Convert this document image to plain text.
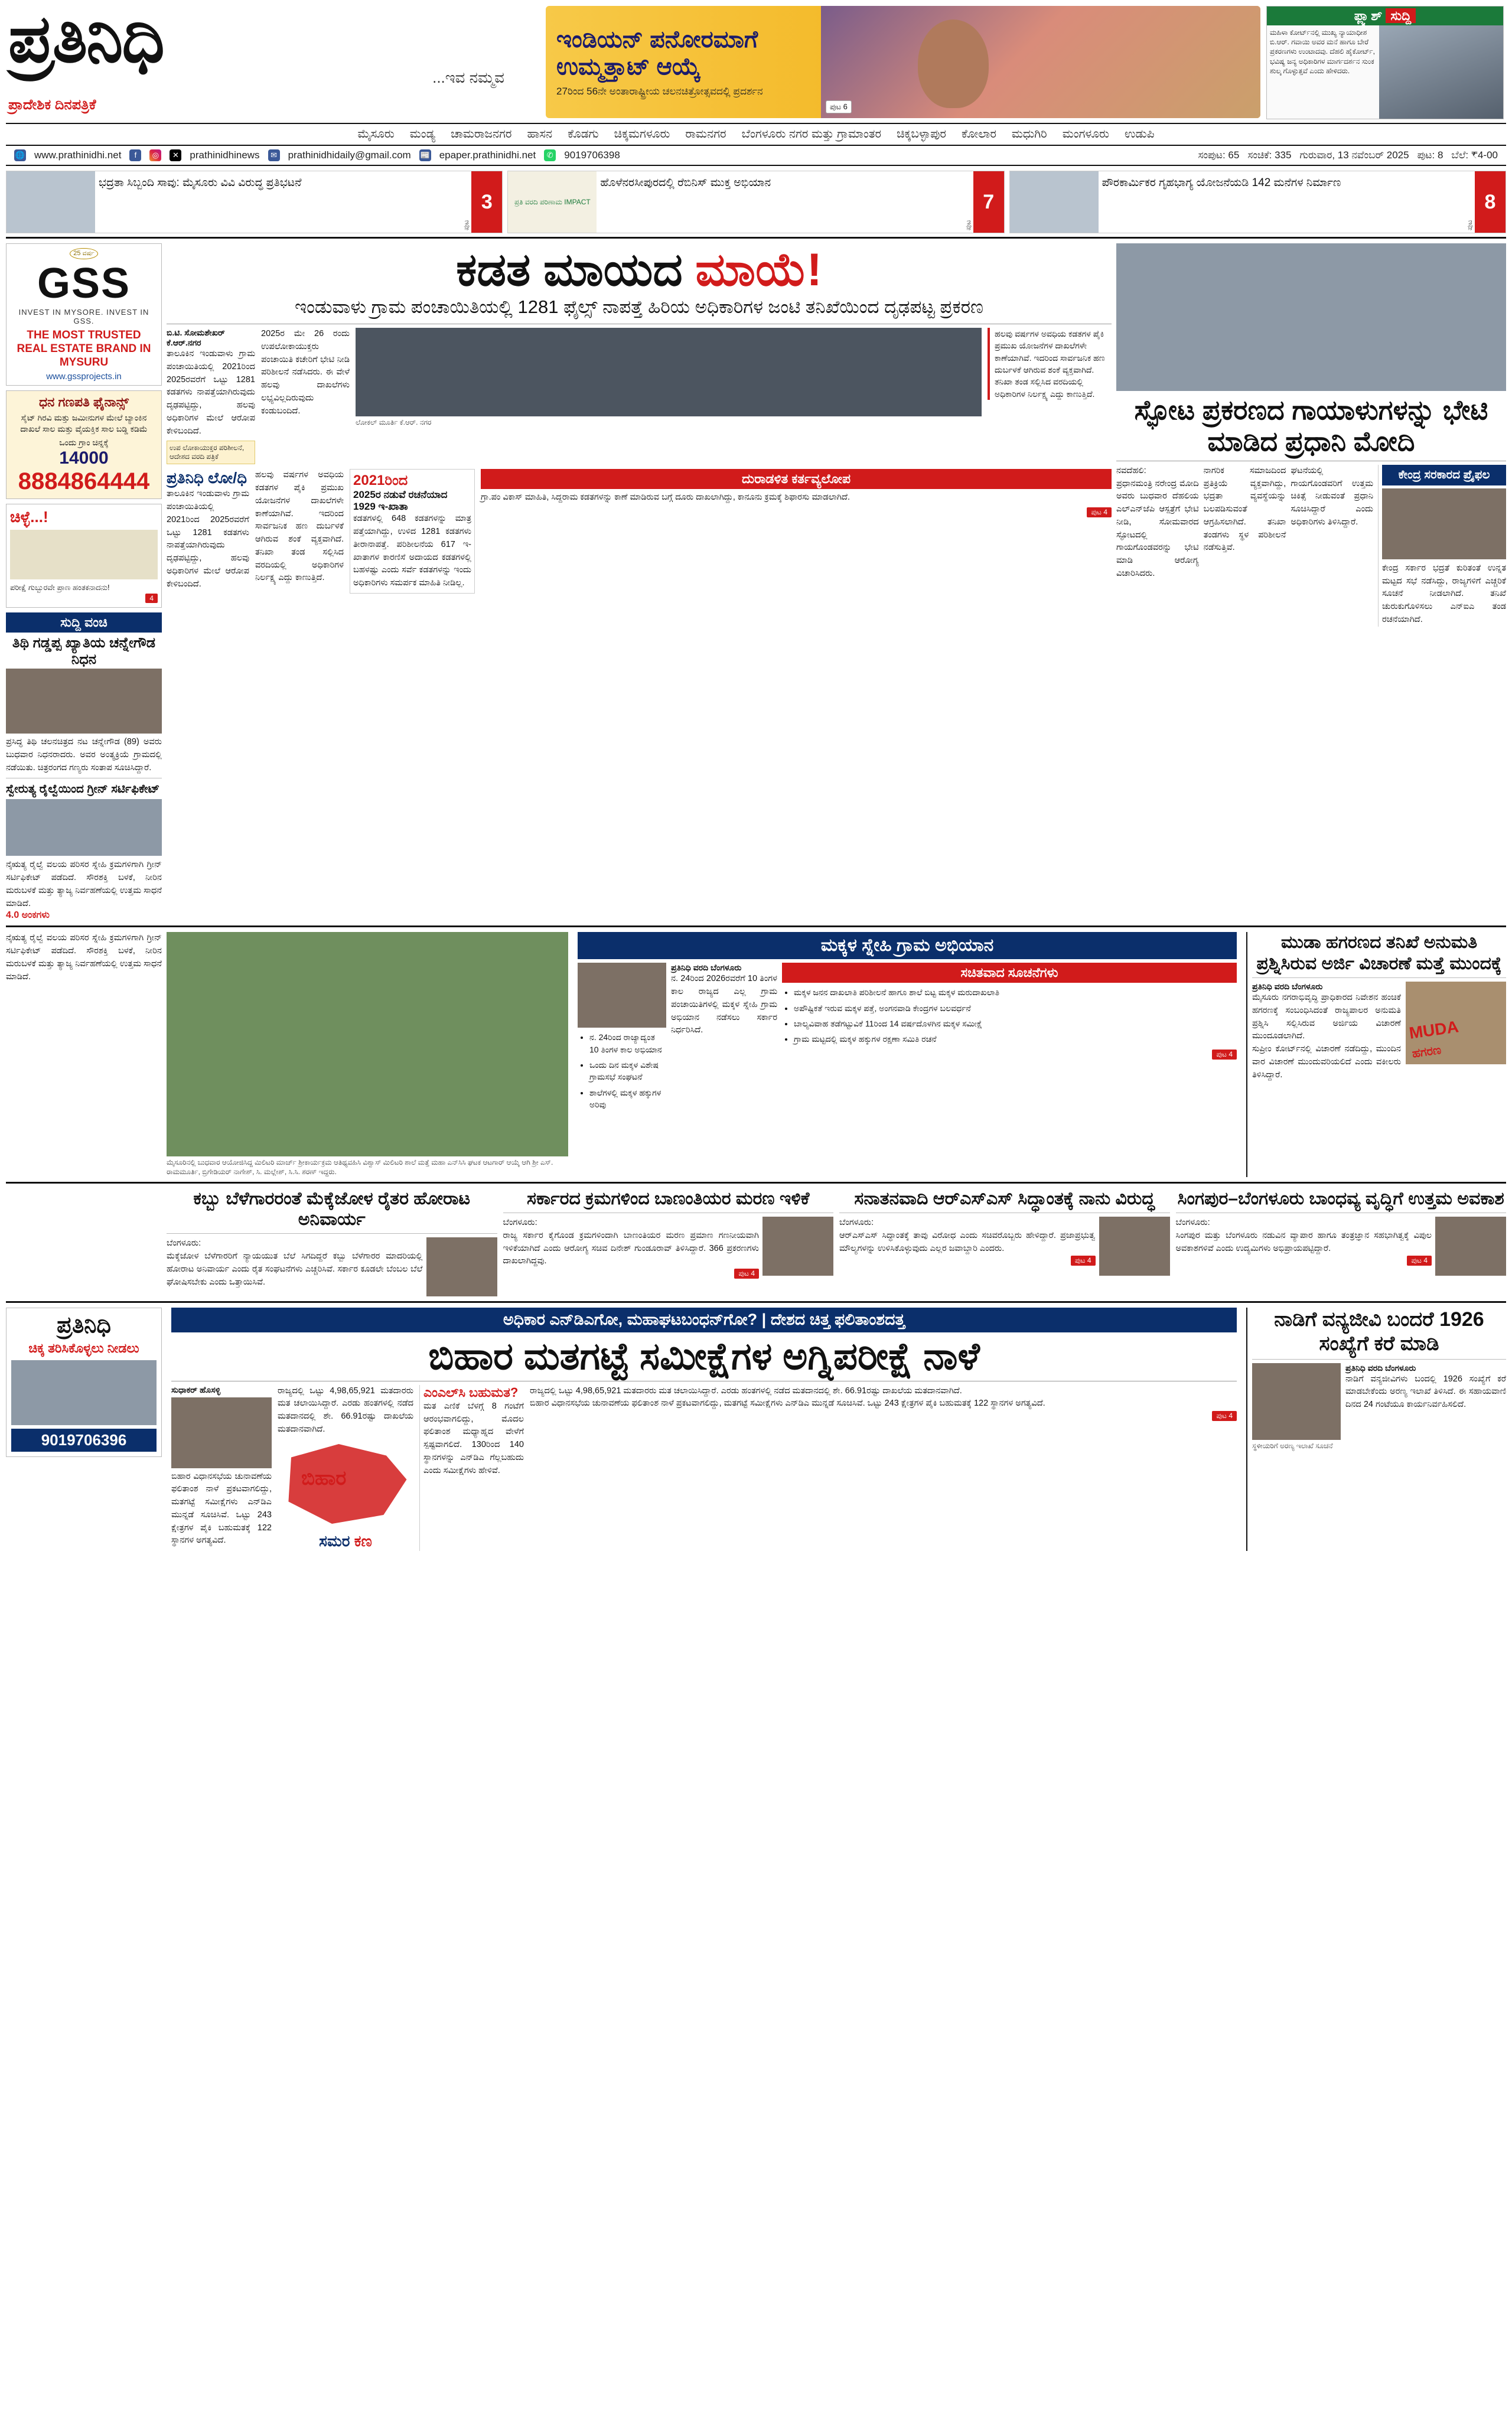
ಪ್ರತಿನಿಧಿ
...ಇವ ನಮ್ಮವ
ಪ್ರಾದೇಶಿಕ ದಿನಪತ್ರಿಕೆ
ಇಂಡಿಯನ್ ಪನೋರಮಾಗೆ ಉಮ್ಮತ್ತಾಟ್ ಆಯ್ಕೆ
27ರಿಂದ 56ನೇ ಅಂತಾರಾಷ್ಟ್ರೀಯ ಚಲನಚಿತ್ರೋತ್ಸವದಲ್ಲಿ ಪ್ರದರ್ಶನ
ಪುಟ 6
ಫ್ಲ್ಯಾಶ್ ಸುದ್ದಿ
ಮಹಿಳಾ ಕೋರ್ಟ್‌ನಲ್ಲಿ ಮುಖ್ಯ ನ್ಯಾಯಾಧೀಶ ಬಿ.ಆರ್. ಗವಾಯಿ ಅವರ ಮನೆ ಹಾಗೂ ಬೇರೆ ಪ್ರಕರಣಗಳು ಉಂಟಾದವು. ದೆಹಲಿ ಹೈಕೋರ್ಟ್, ಭವಿಷ್ಯ ಜನ್ಯ ಅಧಿಕಾರಿಗಳ ಮಾರ್ಗದರ್ಶನ ಸುಂಕ ಶುಲ್ಕ ಗೊಳ್ಳುತ್ತವೆ ಎಂದು ಹೇಳಿದರು.
ಮೈಸೂರು ಮಂಡ್ಯ ಚಾಮರಾಜನಗರ ಹಾಸನ ಕೊಡಗು ಚಿಕ್ಕಮಗಳೂರು ರಾಮನಗರ ಬೆಂಗಳೂರು ನಗರ ಮತ್ತು ಗ್ರಾಮಾಂತರ ಚಿಕ್ಕಬಳ್ಳಾಪುರ ಕೋಲಾರ ಮಧುಗಿರಿ ಮಂಗಳೂರು ಉಡುಪಿ
🌐 www.prathinidhi.net	f	◎	✕ prathinidhinews	✉ prathinidhidaily@gmail.com 📰 epaper.prathinidhi.net	✆ 9019706398	ಸಂಪುಟ: 65 ಸಂಚಿಕೆ: 335 ಗುರುವಾರ, 13 ನವೆಂಬರ್ 2025 ಪುಟ: 8 ಬೆಲೆ: ₹4-00
ಭದ್ರತಾ ಸಿಬ್ಬಂದಿ ಸಾವು: ಮೈಸೂರು ವಿವಿ ವಿರುದ್ಧ ಪ್ರತಿಭಟನೆ
ಪುಟ
3	ಪ್ರತಿ ವರದಿ ಪರಿಣಾಮ IMPACT
ಹೊಳೆನರಸೀಪುರದಲ್ಲಿ ರೆಬಿನಿಸ್ ಮುಕ್ತ ಅಭಿಯಾನ
ಪುಟ
7
ಪೌರಕಾರ್ಮಿಕರ ಗೃಹಭಾಗ್ಯ ಯೋಜನೆಯಡಿ 142 ಮನೆಗಳ ನಿರ್ಮಾಣ
ಪುಟ
8
25 ವರ್ಷ
GSS
INVEST IN MYSORE. INVEST IN GSS.
THE MOST TRUSTED REAL ESTATE BRAND IN MYSURU
www.gssprojects.in
ಧನ ಗಣಪತಿ ಫೈನಾನ್ಸ್
ಸೈಟ್ ಗಿರವಿ ಮತ್ತು ಜಮೀನುಗಳ ಮೇಲೆ ಬ್ಯಾಂಕಿನ ದಾಖಲೆ ಸಾಲ ಮತ್ತು ವೈಯಕ್ತಿಕ ಸಾಲ ಬಡ್ಡಿ ಕಡಿಮೆ
ಒಂದು ಗ್ರಾಂ ಚಿನ್ನಕ್ಕೆ
14000
8884864444
ಚಿಳ್ಳೆ...!
ಪರೀಕ್ಷೆ ಗುಬ್ಬುರವೇ ಪ್ರಾಣ ಹಂತಕನಾದನು!
4
ಸುದ್ದಿ ವಂಚಿ
ತಿಥಿ ಗಡ್ಡಪ್ಪ ಖ್ಯಾತಿಯ ಚನ್ನೇಗೌಡ ನಿಧನ
ಪ್ರಸಿದ್ಧ ತಿಥಿ ಚಲನಚಿತ್ರದ ನಟ ಚನ್ನೇಗೌಡ (89) ಅವರು ಬುಧವಾರ ನಿಧನರಾದರು. ಅವರ ಅಂತ್ಯಕ್ರಿಯೆ ಗ್ರಾಮದಲ್ಲಿ ನಡೆಯಿತು. ಚಿತ್ರರಂಗದ ಗಣ್ಯರು ಸಂತಾಪ ಸೂಚಿಸಿದ್ದಾರೆ.
ಸ್ವೇರುತ್ಯ ರೈಲ್ವೆಯಿಂದ ಗ್ರೀನ್ ಸರ್ಟಿಫಿಕೇಟ್
ನೈಋತ್ಯ ರೈಲ್ವೆ ವಲಯ ಪರಿಸರ ಸ್ನೇಹಿ ಕ್ರಮಗಳಿಗಾಗಿ ಗ್ರೀನ್ ಸರ್ಟಿಫಿಕೇಟ್ ಪಡೆದಿದೆ. ಸೌರಶಕ್ತಿ ಬಳಕೆ, ನೀರಿನ ಮರುಬಳಕೆ ಮತ್ತು ತ್ಯಾಜ್ಯ ನಿರ್ವಹಣೆಯಲ್ಲಿ ಉತ್ತಮ ಸಾಧನೆ ಮಾಡಿದೆ.
4.0 ಅಂಕಗಳು
ಕಡತ ಮಾಯದ ಮಾಯೆ!
ಇಂಡುವಾಳು ಗ್ರಾಮ ಪಂಚಾಯಿತಿಯಲ್ಲಿ 1281 ಫೈಲ್ಸ್ ನಾಪತ್ತೆ ಹಿರಿಯ ಅಧಿಕಾರಿಗಳ ಜಂಟಿ ತನಿಖೆಯಿಂದ ದೃಢಪಟ್ಟ ಪ್ರಕರಣ
ಬಿ.ಟಿ. ಸೋಮಶೇಖರ್ ಕೆ.ಆರ್.ನಗರ
ತಾಲೂಕಿನ ಇಂಡುವಾಳು ಗ್ರಾಮ ಪಂಚಾಯಿತಿಯಲ್ಲಿ 2021ರಿಂದ 2025ರವರೆಗೆ ಒಟ್ಟು 1281 ಕಡತಗಳು ನಾಪತ್ತೆಯಾಗಿರುವುದು ದೃಢಪಟ್ಟಿದ್ದು, ಹಲವು ಅಧಿಕಾರಿಗಳ ಮೇಲೆ ಆರೋಪ ಕೇಳಿಬಂದಿದೆ.
ಉಪ ಲೋಕಾಯುಕ್ತರ ಪರಿಶೀಲನೆ, ಆದೇಶದ ವರದಿ ಪತ್ರಿಕೆ
2025ರ ಮೇ 26 ರಂದು ಉಪಲೋಕಾಯುಕ್ತರು ಪಂಚಾಯಿತಿ ಕಚೇರಿಗೆ ಭೇಟಿ ನೀಡಿ ಪರಿಶೀಲನೆ ನಡೆಸಿದರು. ಈ ವೇಳೆ ಹಲವು ದಾಖಲೆಗಳು ಲಭ್ಯವಿಲ್ಲದಿರುವುದು ಕಂಡುಬಂದಿದೆ.
ಲೋಕಲ್ ಮೂರ್ತಿ ಕೆ.ಆರ್. ನಗರ
ಹಲವು ವರ್ಷಗಳ ಅವಧಿಯ ಕಡತಗಳ ಪೈಕಿ ಪ್ರಮುಖ ಯೋಜನೆಗಳ ದಾಖಲೆಗಳೇ ಕಾಣೆಯಾಗಿವೆ. ಇದರಿಂದ ಸಾರ್ವಜನಿಕ ಹಣ ದುರ್ಬಳಕೆ ಆಗಿರುವ ಶಂಕೆ ವ್ಯಕ್ತವಾಗಿದೆ. ತನಿಖಾ ತಂಡ ಸಲ್ಲಿಸಿದ ವರದಿಯಲ್ಲಿ ಅಧಿಕಾರಿಗಳ ನಿರ್ಲಕ್ಷ್ಯ ಎದ್ದು ಕಾಣುತ್ತಿದೆ.
ಪ್ರತಿನಿಧಿ ಲೋ/ಧಿ
ತಾಲೂಕಿನ ಇಂಡುವಾಳು ಗ್ರಾಮ ಪಂಚಾಯಿತಿಯಲ್ಲಿ 2021ರಿಂದ 2025ರವರೆಗೆ ಒಟ್ಟು 1281 ಕಡತಗಳು ನಾಪತ್ತೆಯಾಗಿರುವುದು ದೃಢಪಟ್ಟಿದ್ದು, ಹಲವು ಅಧಿಕಾರಿಗಳ ಮೇಲೆ ಆರೋಪ ಕೇಳಿಬಂದಿದೆ.
ಹಲವು ವರ್ಷಗಳ ಅವಧಿಯ ಕಡತಗಳ ಪೈಕಿ ಪ್ರಮುಖ ಯೋಜನೆಗಳ ದಾಖಲೆಗಳೇ ಕಾಣೆಯಾಗಿವೆ. ಇದರಿಂದ ಸಾರ್ವಜನಿಕ ಹಣ ದುರ್ಬಳಕೆ ಆಗಿರುವ ಶಂಕೆ ವ್ಯಕ್ತವಾಗಿದೆ. ತನಿಖಾ ತಂಡ ಸಲ್ಲಿಸಿದ ವರದಿಯಲ್ಲಿ ಅಧಿಕಾರಿಗಳ ನಿರ್ಲಕ್ಷ್ಯ ಎದ್ದು ಕಾಣುತ್ತಿದೆ.
2021ರಿಂದ
2025ರ ನಡುವೆ ರಚನೆಯಾದ 1929 ಇ-ಖಾತಾ
ಕಡತಗಳಲ್ಲಿ 648 ಕಡತಗಳನ್ನು ಮಾತ್ರ ಪತ್ತೆಯಾಗಿದ್ದು, ಉಳಿದ 1281 ಕಡತಗಳು ತೀರಾನಾಪತ್ತೆ. ಪರಿಶೀಲನೆಯ 617 ಇ-ಖಾತಾಗಳ ಕಾರಣಿಸೆ ಅದಾಯದ ಕಡತಗಳಲ್ಲಿ ಬಹಳಷ್ಟು ಎಂದು ಸರ್ವೆ ಕಡತಗಳನ್ನು ಇಂದು ಅಧಿಕಾರಿಗಳು ಸಮರ್ಪಕ ಮಾಹಿತಿ ನೀಡಿಲ್ಲ.
ದುರಾಡಳಿತ ಕರ್ತವ್ಯಲೋಪ
ಗ್ರಾ.ಪಂ ವಿಕಾಸ್ ಮಾಹಿತಿ, ಸಿದ್ದರಾಮ ಕಡತಗಳನ್ನು ಕಾಣೆ ಮಾಡಿರುವ ಬಗ್ಗೆ ದೂರು ದಾಖಲಾಗಿದ್ದು, ಕಾನೂನು ಕ್ರಮಕ್ಕೆ ಶಿಫಾರಸು ಮಾಡಲಾಗಿದೆ.
ಪುಟ 4
ಸ್ಫೋಟ ಪ್ರಕರಣದ ಗಾಯಾಳುಗಳನ್ನು ಭೇಟಿ ಮಾಡಿದ ಪ್ರಧಾನಿ ಮೋದಿ
ನವದೆಹಲಿ:
ಪ್ರಧಾನಮಂತ್ರಿ ನರೇಂದ್ರ ಮೋದಿ ಅವರು ಬುಧವಾರ ದೆಹಲಿಯ ಎಲ್‌ಎನ್‌ಜೆಪಿ ಆಸ್ಪತ್ರೆಗೆ ಭೇಟಿ ನೀಡಿ, ಸೋಮವಾರದ ಸ್ಫೋಟದಲ್ಲಿ ಗಾಯಗೊಂಡವರನ್ನು ಭೇಟಿ ಮಾಡಿ ಆರೋಗ್ಯ ವಿಚಾರಿಸಿದರು.
ನಾಗರಿಕ ಸಮಾಜದಿಂದ ಪ್ರತಿಕ್ರಿಯೆ ವ್ಯಕ್ತವಾಗಿದ್ದು, ಭದ್ರತಾ ವ್ಯವಸ್ಥೆಯನ್ನು ಬಲಪಡಿಸುವಂತೆ ಆಗ್ರಹಿಸಲಾಗಿದೆ. ತನಿಖಾ ತಂಡಗಳು ಸ್ಥಳ ಪರಿಶೀಲನೆ ನಡೆಸುತ್ತಿವೆ.
ಘಟನೆಯಲ್ಲಿ ಗಾಯಗೊಂಡವರಿಗೆ ಉತ್ತಮ ಚಿಕಿತ್ಸೆ ನೀಡುವಂತೆ ಪ್ರಧಾನಿ ಸೂಚಿಸಿದ್ದಾರೆ ಎಂದು ಅಧಿಕಾರಿಗಳು ತಿಳಿಸಿದ್ದಾರೆ.
ಕೇಂದ್ರ ಸರಕಾರದ ಪ್ರೈಫಲ
ಕೇಂದ್ರ ಸರ್ಕಾರ ಭದ್ರತೆ ಕುರಿತಂತೆ ಉನ್ನತ ಮಟ್ಟದ ಸಭೆ ನಡೆಸಿದ್ದು, ರಾಜ್ಯಗಳಿಗೆ ಎಚ್ಚರಿಕೆ ಸೂಚನೆ ನೀಡಲಾಗಿದೆ. ತನಿಖೆ ಚುರುಕುಗೊಳಿಸಲು ಎನ್‌ಐಎ ತಂಡ ರಚನೆಯಾಗಿದೆ.
ನೈಋತ್ಯ ರೈಲ್ವೆ ವಲಯ ಪರಿಸರ ಸ್ನೇಹಿ ಕ್ರಮಗಳಿಗಾಗಿ ಗ್ರೀನ್ ಸರ್ಟಿಫಿಕೇಟ್ ಪಡೆದಿದೆ. ಸೌರಶಕ್ತಿ ಬಳಕೆ, ನೀರಿನ ಮರುಬಳಕೆ ಮತ್ತು ತ್ಯಾಜ್ಯ ನಿರ್ವಹಣೆಯಲ್ಲಿ ಉತ್ತಮ ಸಾಧನೆ ಮಾಡಿದೆ.
ಮೈಸೂರಿನಲ್ಲಿ ಬುಧವಾರ ಆಯೋಜಿಸಿದ್ದ ಮಿಲಿಟರಿ ಮಾರ್ಚ್ ಶ್ರೀಕಾರ್ಯಕ್ರಮ ಆತಿಥ್ಯವಹಿಸಿ ವಿಶ್ವಾಸ್ ಮಿಲಿಟರಿ ಶಾಲೆ ಮತ್ತೆ ಮಹಾ ಎನ್‌ಸಿಸಿ ಘಟಕ ಆಟಗಾರ್ ಆಯ್ಕೆ ಆಗಿ ಶ್ರೀ ಎಸ್. ರಾಮಮೂರ್ತಿ, ಬ್ರಿಗೇಡಿಯರ್ ನಾಗೇಶ್, ಸಿ. ಮಲ್ಲೇಶ್, ಸಿ.ಸಿ. ಶರಣ್ ಇದ್ದರು.
ಮಕ್ಕಳ ಸ್ನೇಹಿ ಗ್ರಾಮ ಅಭಿಯಾನ
• ನ. 24ರಿಂದ ರಾಜ್ಯಾದ್ಯಂತ 10 ತಿಂಗಳ ಕಾಲ ಅಭಿಯಾನ
• ಒಂದು ದಿನ ಮಕ್ಕಳ ವಿಶೇಷ ಗ್ರಾಮಸಭೆ ಸಂಘಟನೆ
• ಶಾಲೆಗಳಲ್ಲಿ ಮಕ್ಕಳ ಹಕ್ಕುಗಳ ಅರಿವು
ಪ್ರತಿನಿಧಿ ವರದಿ ಬೆಂಗಳೂರು
ನ. 24ರಿಂದ 2026ರವರೆಗೆ 10 ತಿಂಗಳ ಕಾಲ ರಾಜ್ಯದ ಎಲ್ಲ ಗ್ರಾಮ ಪಂಚಾಯಿತಿಗಳಲ್ಲಿ ಮಕ್ಕಳ ಸ್ನೇಹಿ ಗ್ರಾಮ ಅಭಿಯಾನ ನಡೆಸಲು ಸರ್ಕಾರ ನಿರ್ಧರಿಸಿದೆ.
ಸಚಿತವಾದ ಸೂಚನೆಗಳು
• ಮಕ್ಕಳ ಜನನ ದಾಖಲಾತಿ ಪರಿಶೀಲನೆ ಹಾಗೂ ಶಾಲೆ ಬಿಟ್ಟ ಮಕ್ಕಳ ಮರುದಾಖಲಾತಿ
• ಅಪೌಷ್ಟಿಕತೆ ಇರುವ ಮಕ್ಕಳ ಪತ್ತೆ, ಅಂಗನವಾಡಿ ಕೇಂದ್ರಗಳ ಬಲವರ್ಧನೆ
• ಬಾಲ್ಯವಿವಾಹ ತಡೆಗಟ್ಟುವಿಕೆ 11ರಿಂದ 14 ವರ್ಷದೊಳಗಿನ ಮಕ್ಕಳ ಸಮೀಕ್ಷೆ
• ಗ್ರಾಮ ಮಟ್ಟದಲ್ಲಿ ಮಕ್ಕಳ ಹಕ್ಕುಗಳ ರಕ್ಷಣಾ ಸಮಿತಿ ರಚನೆ
ಪುಟ 4
ಮುಡಾ ಹಗರಣದ ತನಿಖೆ ಅನುಮತಿ ಪ್ರಶ್ನಿಸಿರುವ ಅರ್ಜಿ ವಿಚಾರಣೆ ಮತ್ತೆ ಮುಂದಕ್ಕೆ
ಪ್ರತಿನಿಧಿ ವರದಿ ಬೆಂಗಳೂರು
ಮೈಸೂರು ನಗರಾಭಿವೃದ್ಧಿ ಪ್ರಾಧಿಕಾರದ ನಿವೇಶನ ಹಂಚಿಕೆ ಹಗರಣಕ್ಕೆ ಸಂಬಂಧಿಸಿದಂತೆ ರಾಜ್ಯಪಾಲರ ಅನುಮತಿ ಪ್ರಶ್ನಿಸಿ ಸಲ್ಲಿಸಿರುವ ಅರ್ಜಿಯ ವಿಚಾರಣೆ ಮುಂದೂಡಲಾಗಿದೆ.
ಸುಪ್ರೀಂ ಕೋರ್ಟ್‌ನಲ್ಲಿ ವಿಚಾರಣೆ ನಡೆದಿದ್ದು, ಮುಂದಿನ ವಾರ ವಿಚಾರಣೆ ಮುಂದುವರಿಯಲಿದೆ ಎಂದು ವಕೀಲರು ತಿಳಿಸಿದ್ದಾರೆ.
MUDA
ಹಗರಣ
ಕಬ್ಬು ಬೆಳೆಗಾರರಂತೆ ಮೆಕ್ಕೆಜೋಳ ರೈತರ ಹೋರಾಟ ಅನಿವಾರ್ಯ
ಬೆಂಗಳೂರು:
ಮೆಕ್ಕೆಜೋಳ ಬೆಳೆಗಾರರಿಗೆ ನ್ಯಾಯಯುತ ಬೆಲೆ ಸಿಗದಿದ್ದರೆ ಕಬ್ಬು ಬೆಳೆಗಾರರ ಮಾದರಿಯಲ್ಲಿ ಹೋರಾಟ ಅನಿವಾರ್ಯ ಎಂದು ರೈತ ಸಂಘಟನೆಗಳು ಎಚ್ಚರಿಸಿವೆ. ಸರ್ಕಾರ ಕೂಡಲೇ ಬೆಂಬಲ ಬೆಲೆ ಘೋಷಿಸಬೇಕು ಎಂದು ಒತ್ತಾಯಿಸಿವೆ.
ಸರ್ಕಾರದ ಕ್ರಮಗಳಿಂದ ಬಾಣಂತಿಯರ ಮರಣ ಇಳಿಕೆ
ಬೆಂಗಳೂರು:
ರಾಜ್ಯ ಸರ್ಕಾರ ಕೈಗೊಂಡ ಕ್ರಮಗಳಿಂದಾಗಿ ಬಾಣಂತಿಯರ ಮರಣ ಪ್ರಮಾಣ ಗಣನೀಯವಾಗಿ ಇಳಿಕೆಯಾಗಿದೆ ಎಂದು ಆರೋಗ್ಯ ಸಚಿವ ದಿನೇಶ್ ಗುಂಡೂರಾವ್ ತಿಳಿಸಿದ್ದಾರೆ. 366 ಪ್ರಕರಣಗಳು ದಾಖಲಾಗಿದ್ದವು.
ಪುಟ 4
ಸನಾತನವಾದಿ ಆರ್‌ಎಸ್‌ಎಸ್ ಸಿದ್ಧಾಂತಕ್ಕೆ ನಾನು ವಿರುದ್ಧ
ಬೆಂಗಳೂರು:
ಆರ್‌ಎಸ್‌ಎಸ್ ಸಿದ್ಧಾಂತಕ್ಕೆ ತಾವು ವಿರೋಧ ಎಂದು ಸಚಿವರೊಬ್ಬರು ಹೇಳಿದ್ದಾರೆ. ಪ್ರಜಾಪ್ರಭುತ್ವ ಮೌಲ್ಯಗಳನ್ನು ಉಳಿಸಿಕೊಳ್ಳುವುದು ಎಲ್ಲರ ಜವಾಬ್ದಾರಿ ಎಂದರು.
ಪುಟ 4
ಸಿಂಗಪುರ–ಬೆಂಗಳೂರು ಬಾಂಧವ್ಯ ವೃದ್ಧಿಗೆ ಉತ್ತಮ ಅವಕಾಶ
ಬೆಂಗಳೂರು:
ಸಿಂಗಪುರ ಮತ್ತು ಬೆಂಗಳೂರು ನಡುವಿನ ವ್ಯಾಪಾರ ಹಾಗೂ ತಂತ್ರಜ್ಞಾನ ಸಹಭಾಗಿತ್ವಕ್ಕೆ ವಿಪುಲ ಅವಕಾಶಗಳಿವೆ ಎಂದು ಉದ್ಯಮಿಗಳು ಅಭಿಪ್ರಾಯಪಟ್ಟಿದ್ದಾರೆ.
ಪುಟ 4
ಪ್ರತಿನಿಧಿ
ಚಿಕ್ಕ ತರಿಸಿಕೊಳ್ಳಲು ನೀಡಲು
9019706396
ಅಧಿಕಾರ ಎನ್‌ಡಿಎಗೋ, ಮಹಾಘಟಬಂಧನ್‌ಗೋ? | ದೇಶದ ಚಿತ್ತ ಫಲಿತಾಂಶದತ್ತ
ಬಿಹಾರ ಮತಗಟ್ಟೆ ಸಮೀಕ್ಷೆಗಳ ಅಗ್ನಿಪರೀಕ್ಷೆ ನಾಳೆ
ಸುಧಾಕರ್ ಹೊಸಳ್ಳಿ
ಬಿಹಾರ ವಿಧಾನಸಭೆಯ ಚುನಾವಣೆಯ ಫಲಿತಾಂಶ ನಾಳೆ ಪ್ರಕಟವಾಗಲಿದ್ದು, ಮತಗಟ್ಟೆ ಸಮೀಕ್ಷೆಗಳು ಎನ್‌ಡಿಎ ಮುನ್ನಡೆ ಸೂಚಿಸಿವೆ. ಒಟ್ಟು 243 ಕ್ಷೇತ್ರಗಳ ಪೈಕಿ ಬಹುಮತಕ್ಕೆ 122 ಸ್ಥಾನಗಳ ಅಗತ್ಯವಿದೆ.
ರಾಜ್ಯದಲ್ಲಿ ಒಟ್ಟು 4,98,65,921 ಮತದಾರರು ಮತ ಚಲಾಯಿಸಿದ್ದಾರೆ. ಎರಡು ಹಂತಗಳಲ್ಲಿ ನಡೆದ ಮತದಾನದಲ್ಲಿ ಶೇ. 66.91ರಷ್ಟು ದಾಖಲೆಯ ಮತದಾನವಾಗಿದೆ.
ಬಿಹಾರ
ಸಮರ ಕಣ
ಎಂಎಲ್‌ಸಿ ಬಹುಮತ?
ಮತ ಎಣಿಕೆ ಬೆಳಗ್ಗೆ 8 ಗಂಟೆಗೆ ಆರಂಭವಾಗಲಿದ್ದು, ಮೊದಲ ಫಲಿತಾಂಶ ಮಧ್ಯಾಹ್ನದ ವೇಳೆಗೆ ಸ್ಪಷ್ಟವಾಗಲಿದೆ. 130ರಿಂದ 140 ಸ್ಥಾನಗಳನ್ನು ಎನ್‌ಡಿಎ ಗೆಲ್ಲಬಹುದು ಎಂದು ಸಮೀಕ್ಷೆಗಳು ಹೇಳಿವೆ.
ರಾಜ್ಯದಲ್ಲಿ ಒಟ್ಟು 4,98,65,921 ಮತದಾರರು ಮತ ಚಲಾಯಿಸಿದ್ದಾರೆ. ಎರಡು ಹಂತಗಳಲ್ಲಿ ನಡೆದ ಮತದಾನದಲ್ಲಿ ಶೇ. 66.91ರಷ್ಟು ದಾಖಲೆಯ ಮತದಾನವಾಗಿದೆ.
ಬಿಹಾರ ವಿಧಾನಸಭೆಯ ಚುನಾವಣೆಯ ಫಲಿತಾಂಶ ನಾಳೆ ಪ್ರಕಟವಾಗಲಿದ್ದು, ಮತಗಟ್ಟೆ ಸಮೀಕ್ಷೆಗಳು ಎನ್‌ಡಿಎ ಮುನ್ನಡೆ ಸೂಚಿಸಿವೆ. ಒಟ್ಟು 243 ಕ್ಷೇತ್ರಗಳ ಪೈಕಿ ಬಹುಮತಕ್ಕೆ 122 ಸ್ಥಾನಗಳ ಅಗತ್ಯವಿದೆ.
ಪುಟ 4
ನಾಡಿಗೆ ವನ್ಯಜೀವಿ ಬಂದರೆ 1926 ಸಂಖ್ಯೆಗೆ ಕರೆ ಮಾಡಿ
ಸ್ಥಳೀಯರಿಗೆ ಅರಣ್ಯ ಇಲಾಖೆ ಸೂಚನೆ
ಪ್ರತಿನಿಧಿ ವರದಿ ಬೆಂಗಳೂರು
ನಾಡಿಗೆ ವನ್ಯಜೀವಿಗಳು ಬಂದಲ್ಲಿ 1926 ಸಂಖ್ಯೆಗೆ ಕರೆ ಮಾಡಬೇಕೆಂದು ಅರಣ್ಯ ಇಲಾಖೆ ತಿಳಿಸಿದೆ. ಈ ಸಹಾಯವಾಣಿ ದಿನದ 24 ಗಂಟೆಯೂ ಕಾರ್ಯನಿರ್ವಹಿಸಲಿದೆ.
